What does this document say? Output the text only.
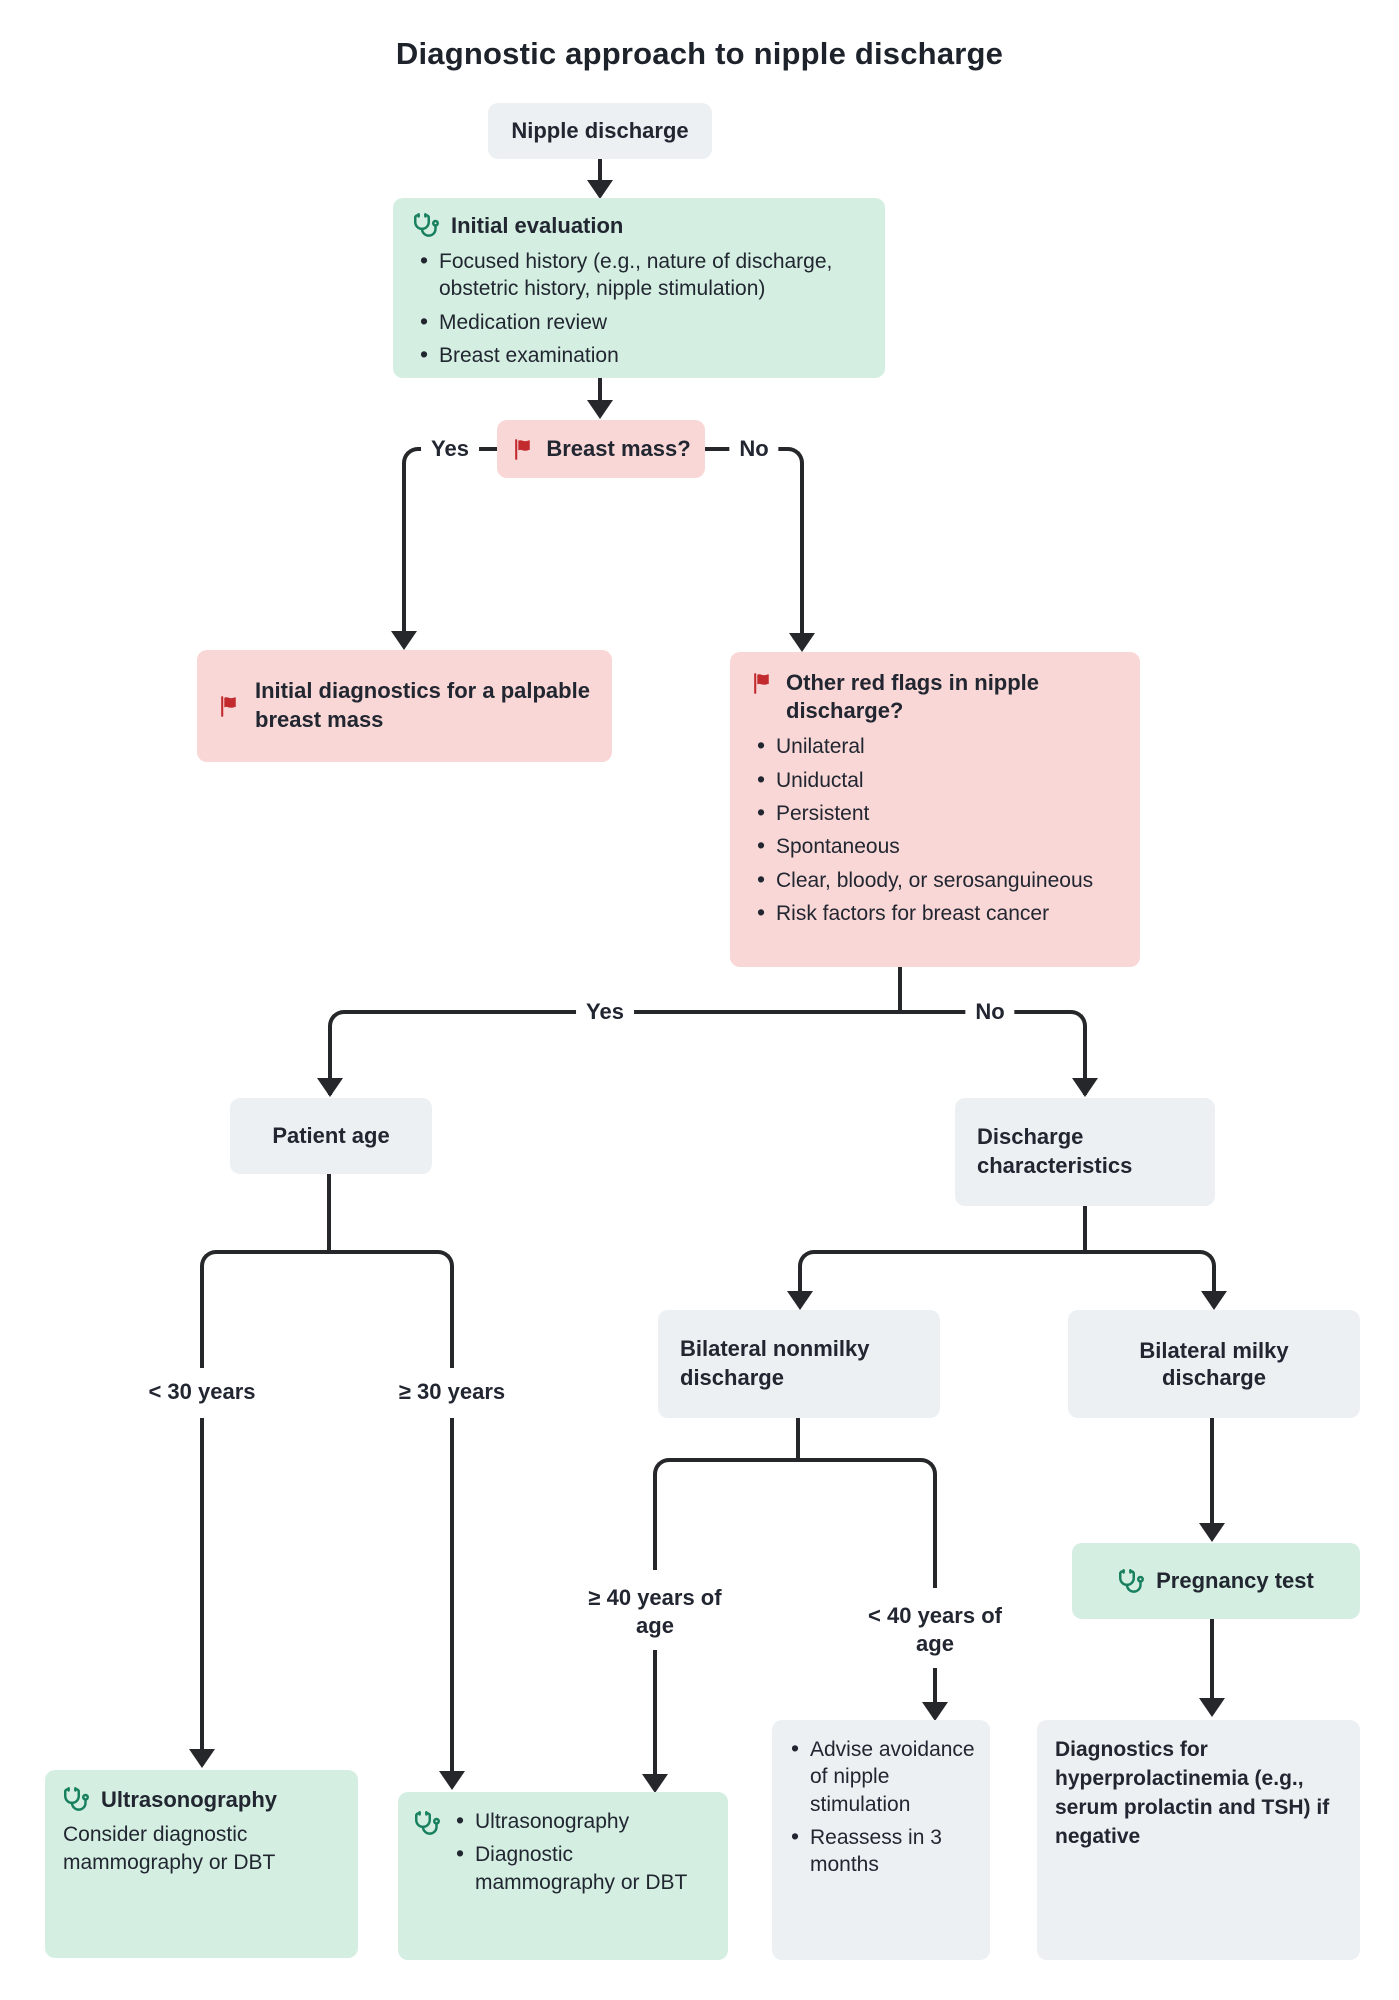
Diagnostic approach to nipple discharge
Nipple discharge
Initial evaluation
• Focused history (e.g., nature of discharge, obstetric history, nipple stimulation)
• Medication review
• Breast examination
Breast mass?
Yes	No
Initial diagnostics for a palpable breast mass
Other red flags in nipple discharge?
• Unilateral
• Uniductal
• Persistent
• Spontaneous
• Clear, bloody, or serosanguineous
• Risk factors for breast cancer
Yes	No
Patient age	Discharge characteristics
< 30 years	≥ 30 years
Bilateral nonmilky discharge
Bilateral milky discharge
≥ 40 years of age	< 40 years of age
Pregnancy test
Ultrasonography
Consider diagnostic mammography or DBT
• Ultrasonography
• Diagnostic mammography or DBT
• Advise avoidance of nipple stimulation
• Reassess in 3 months
Diagnostics for hyperprolactinemia (e.g., serum prolactin and TSH) if negative
